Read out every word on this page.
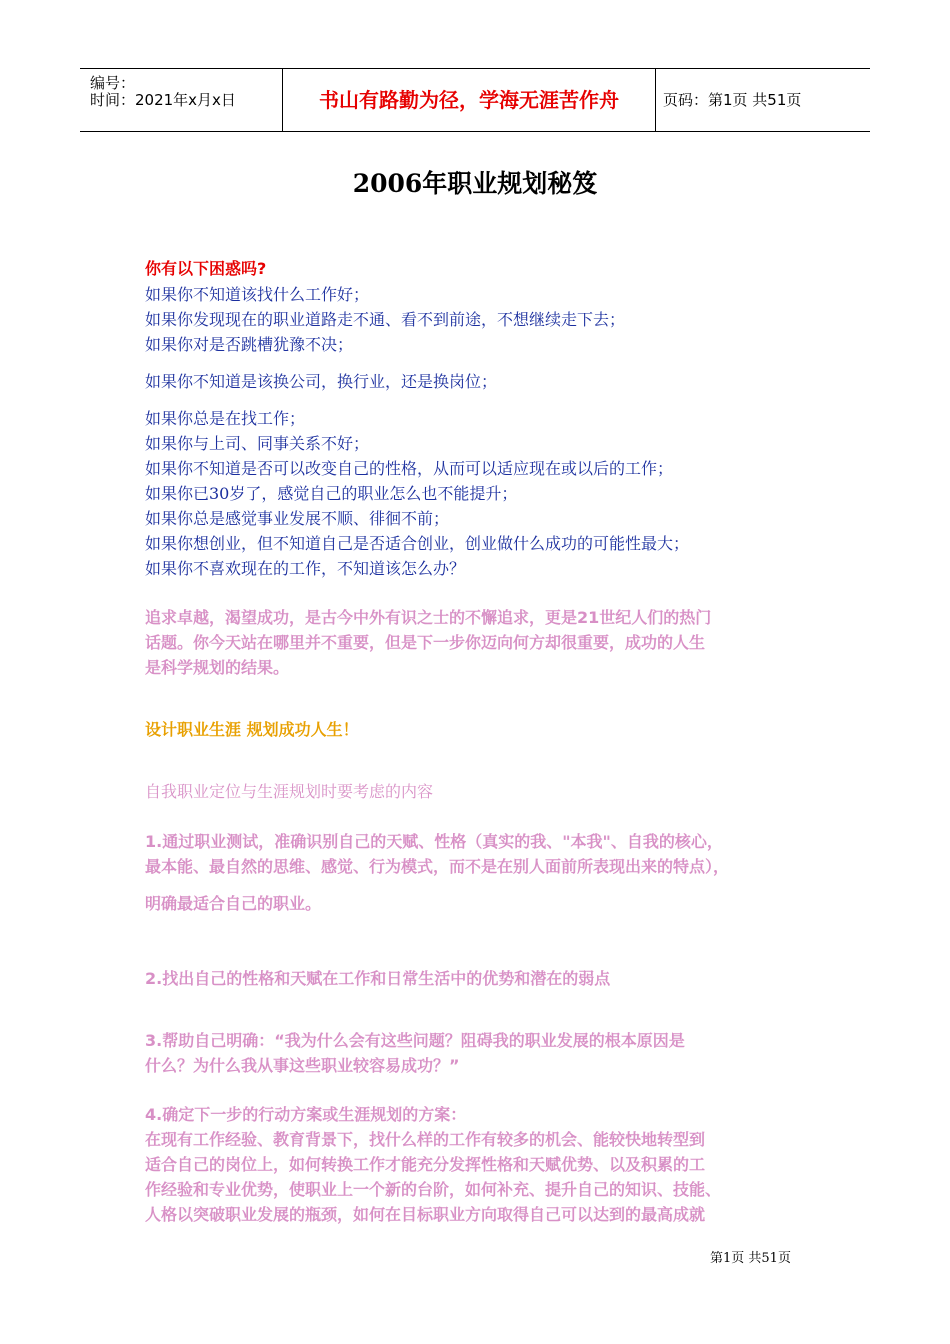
编号：
时间：2021年x月x日	书山有路勤为径，学海无涯苦作舟	页码：第1页 共51页
2006年职业规划秘笈
你有以下困惑吗?
如果你不知道该找什么工作好；
如果你发现现在的职业道路走不通、看不到前途，不想继续走下去；
如果你对是否跳槽犹豫不决；
如果你不知道是该换公司，换行业，还是换岗位；
如果你总是在找工作；
如果你与上司、同事关系不好；
如果你不知道是否可以改变自己的性格，从而可以适应现在或以后的工作；
如果你已30岁了，感觉自己的职业怎么也不能提升；
如果你总是感觉事业发展不顺、徘徊不前；
如果你想创业，但不知道自己是否适合创业，创业做什么成功的可能性最大；
如果你不喜欢现在的工作，不知道该怎么办？
追求卓越，渴望成功，是古今中外有识之士的不懈追求，更是21世纪人们的热门
话题。你今天站在哪里并不重要，但是下一步你迈向何方却很重要，成功的人生
是科学规划的结果。
设计职业生涯 规划成功人生！
自我职业定位与生涯规划时要考虑的内容
1.通过职业测试，准确识别自己的天赋、性格（真实的我、"本我"、自我的核心，
最本能、最自然的思维、感觉、行为模式，而不是在别人面前所表现出来的特点），
明确最适合自己的职业。
2.找出自己的性格和天赋在工作和日常生活中的优势和潜在的弱点
3.帮助自己明确：“我为什么会有这些问题？阻碍我的职业发展的根本原因是
什么？为什么我从事这些职业较容易成功？”
4.确定下一步的行动方案或生涯规划的方案：
在现有工作经验、教育背景下，找什么样的工作有较多的机会、能较快地转型到
适合自己的岗位上，如何转换工作才能充分发挥性格和天赋优势、以及积累的工
作经验和专业优势，使职业上一个新的台阶，如何补充、提升自己的知识、技能、
人格以突破职业发展的瓶颈，如何在目标职业方向取得自己可以达到的最高成就
第1页 共51页
